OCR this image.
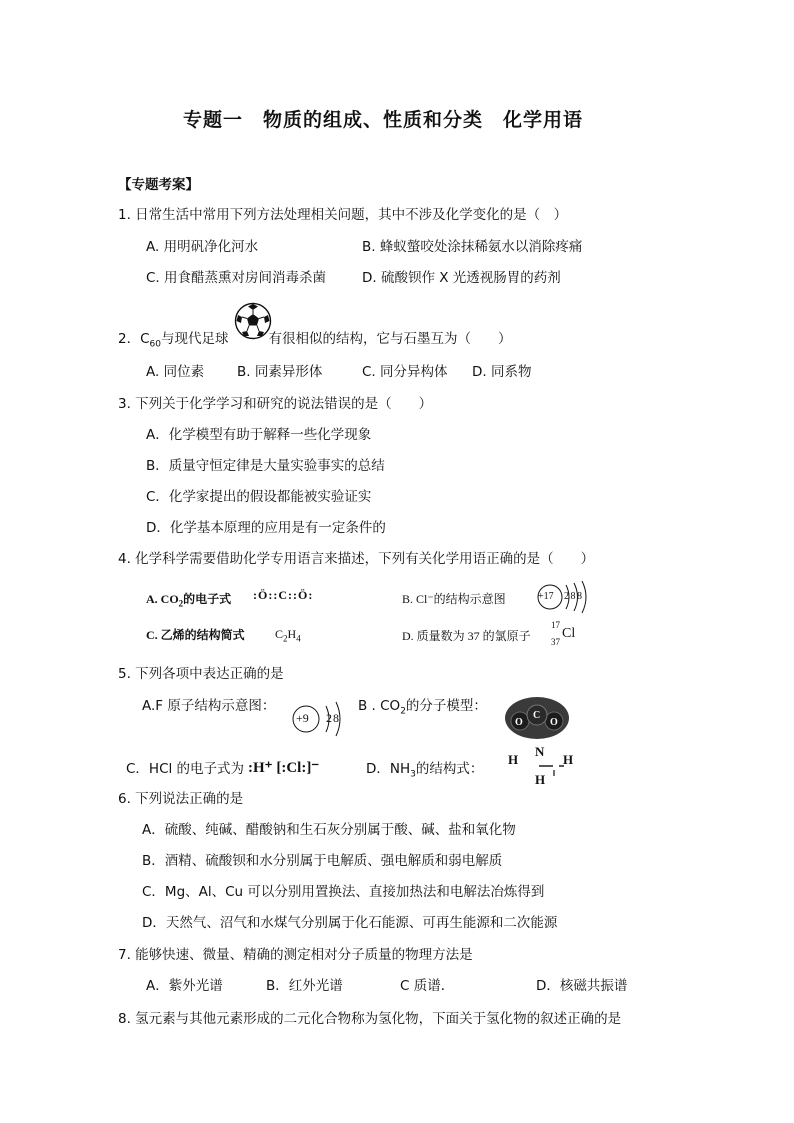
专题一　物质的组成、性质和分类　化学用语
【专题考案】
1. 日常生活中常用下列方法处理相关问题，其中不涉及化学变化的是（　）
A. 用明矾净化河水	B. 蜂蚁螫咬处涂抹稀氨水以消除疼痛
C. 用食醋蒸熏对房间消毒杀菌	D. 硫酸钡作 X 光透视肠胃的药剂
2．$C_{60}$与现代足球	有很相似的结构，它与石墨互为（　　）
A. 同位素 B. 同素异形体	C. 同分异构体 D. 同系物
3. 下列关于化学学习和研究的说法错误的是（　　）
A．化学模型有助于解释一些化学现象
B．质量守恒定律是大量实验事实的总结
C．化学家提出的假设都能被实验证实
D．化学基本原理的应用是有一定条件的
4. 化学科学需要借助化学专用语言来描述，下列有关化学用语正确的是（　　）
A. $CO_2$的电子式 :Ö::C::Ö:	B. Cl⁻的结构示意图	+17 2 8 8
C. 乙烯的结构简式	$C_2H_4$	D. 质量数为 37 的氯原子
17
37
Cl
5. 下列各项中表达正确的是
A.F 原子结构示意图：
+9 2 8
B . $CO_2$的分子模型：
O
C
O
C．HCl 的电子式为 :H⁺ [:Cl:]⁻	D．$NH_3$的结构式：
H
N
H
H
6. 下列说法正确的是
A．硫酸、纯碱、醋酸钠和生石灰分别属于酸、碱、盐和氧化物
B．酒精、硫酸钡和水分别属于电解质、强电解质和弱电解质
C．Mg、Al、Cu 可以分别用置换法、直接加热法和电解法冶炼得到
D．天然气、沼气和水煤气分别属于化石能源、可再生能源和二次能源
7. 能够快速、微量、精确的测定相对分子质量的物理方法是
A．紫外光谱	B．红外光谱	C 质谱．	D．核磁共振谱
8. 氢元素与其他元素形成的二元化合物称为氢化物，下面关于氢化物的叙述正确的是
